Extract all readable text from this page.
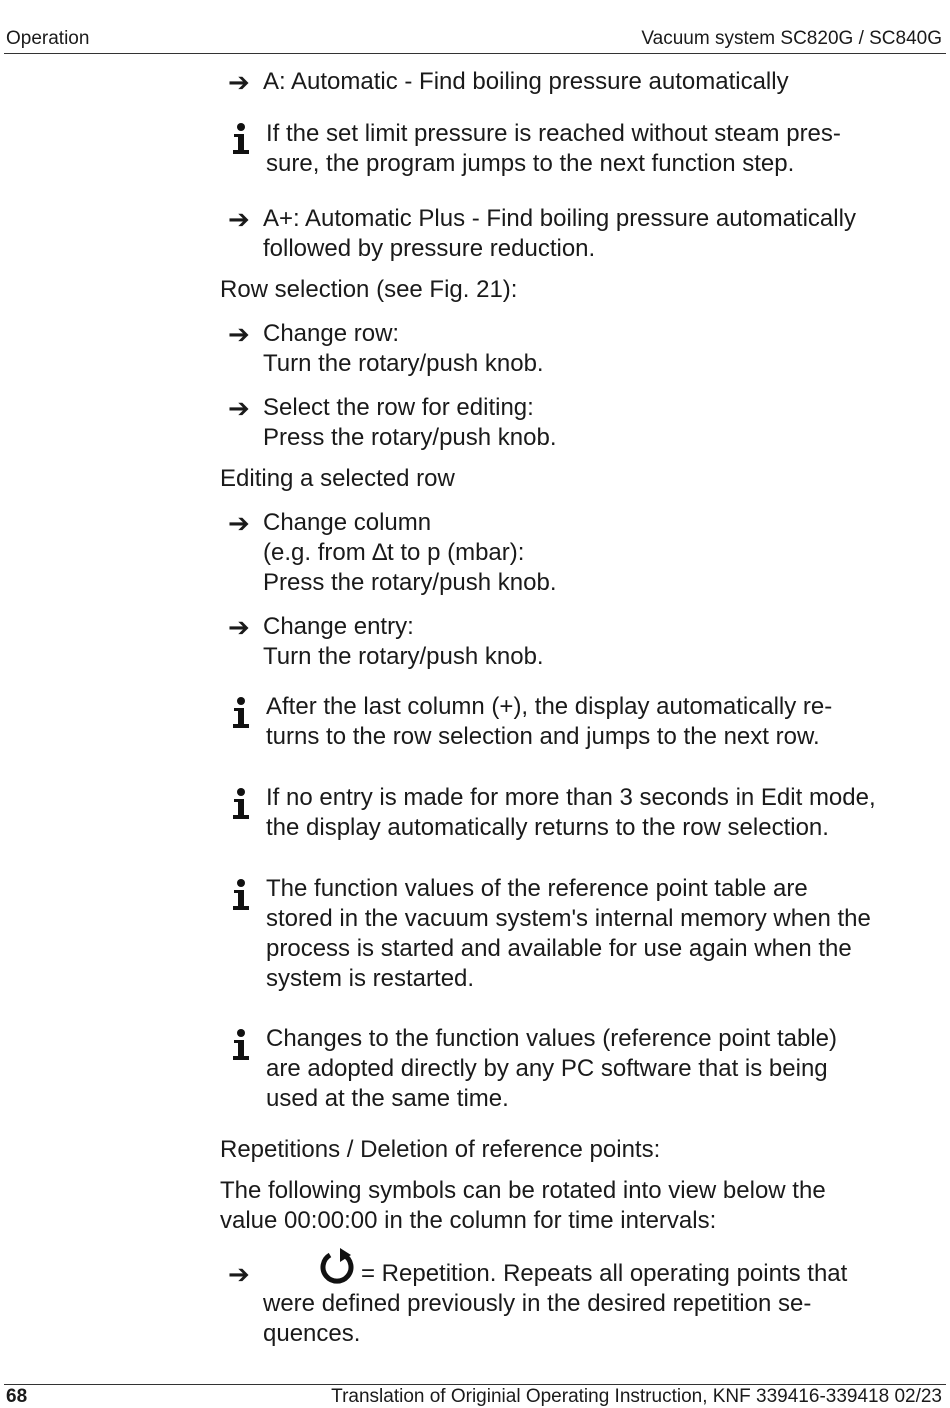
Operation	Vacuum system SC820G / SC840G
➔ A: Automatic - Find boiling pressure automatically
If the set limit pressure is reached without steam pres-
sure, the program jumps to the next function step.
➔ A+: Automatic Plus - Find boiling pressure automatically
followed by pressure reduction.
Row selection (see Fig. 21):
➔ Change row:
Turn the rotary/push knob.
➔ Select the row for editing:
Press the rotary/push knob.
Editing a selected row
➔ Change column
(e.g. from ∆t to p (mbar):
Press the rotary/push knob.
➔ Change entry:
Turn the rotary/push knob.
After the last column (+), the display automatically re-
turns to the row selection and jumps to the next row.
If no entry is made for more than 3 seconds in Edit mode,
the display automatically returns to the row selection.
The function values of the reference point table are
stored in the vacuum system's internal memory when the
process is started and available for use again when the
system is restarted.
Changes to the function values (reference point table)
are adopted directly by any PC software that is being
used at the same time.
Repetitions / Deletion of reference points:
The following symbols can be rotated into view below the
value 00:00:00 in the column for time intervals:
➔	= Repetition. Repeats all operating points that
were defined previously in the desired repetition se-
quences.
68	Translation of Originial Operating Instruction, KNF 339416-339418 02/23
